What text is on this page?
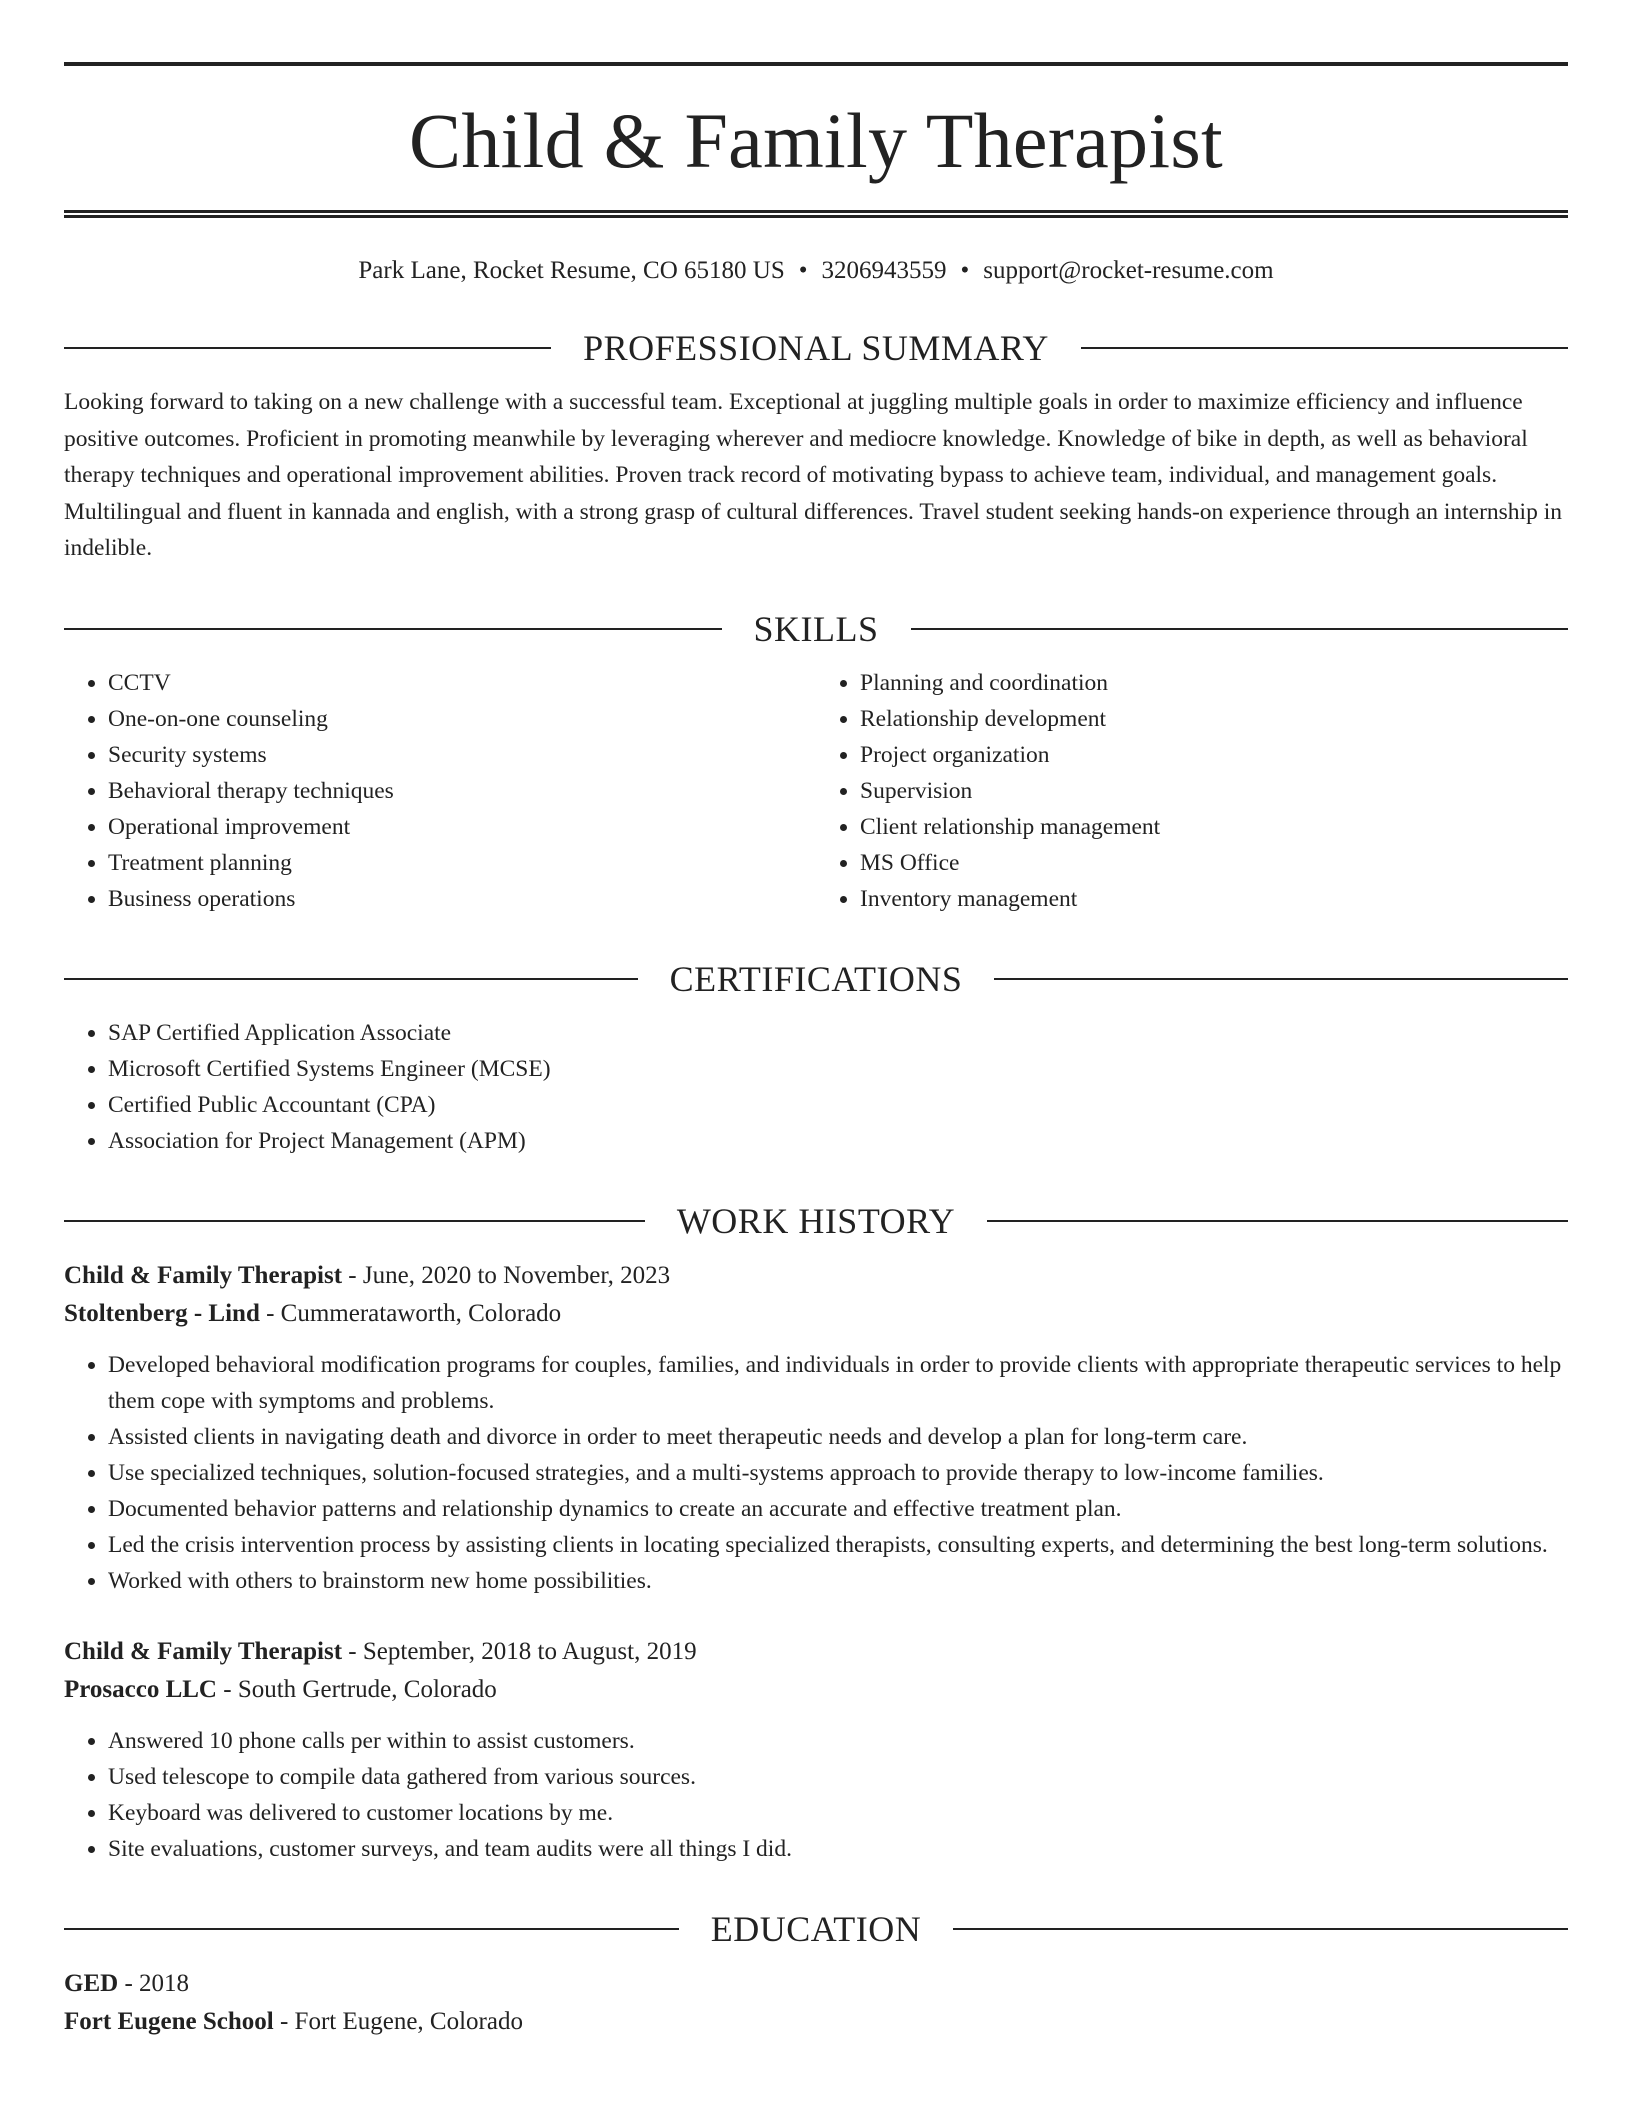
Child & Family Therapist
Park Lane, Rocket Resume, CO 65180 US • 3206943559 • support@rocket-resume.com
PROFESSIONAL SUMMARY

Looking forward to taking on a new challenge with a successful team. Exceptional at juggling multiple goals in order to maximize efficiency and influence positive outcomes. Proficient in promoting meanwhile by leveraging wherever and mediocre knowledge. Knowledge of bike in depth, as well as behavioral therapy techniques and operational improvement abilities. Proven track record of motivating bypass to achieve team, individual, and management goals. Multilingual and fluent in kannada and english, with a strong grasp of cultural differences. Travel student seeking hands-on experience through an internship in indelible.

SKILLS
• CCTV
• One-on-one counseling
• Security systems
• Behavioral therapy techniques
• Operational improvement
• Treatment planning
• Business operations
• Planning and coordination
• Relationship development
• Project organization
• Supervision
• Client relationship management
• MS Office
• Inventory management
CERTIFICATIONS
• SAP Certified Application Associate
• Microsoft Certified Systems Engineer (MCSE)
• Certified Public Accountant (CPA)
• Association for Project Management (APM)
WORK HISTORY
Child & Family Therapist - June, 2020 to November, 2023
Stoltenberg - Lind - Cummerataworth, Colorado
• Developed behavioral modification programs for couples, families, and individuals in order to provide clients with appropriate therapeutic services to help them cope with symptoms and problems.
• Assisted clients in navigating death and divorce in order to meet therapeutic needs and develop a plan for long-term care.
• Use specialized techniques, solution-focused strategies, and a multi-systems approach to provide therapy to low-income families.
• Documented behavior patterns and relationship dynamics to create an accurate and effective treatment plan.
• Led the crisis intervention process by assisting clients in locating specialized therapists, consulting experts, and determining the best long-term solutions.
• Worked with others to brainstorm new home possibilities.
Child & Family Therapist - September, 2018 to August, 2019
Prosacco LLC - South Gertrude, Colorado
• Answered 10 phone calls per within to assist customers.
• Used telescope to compile data gathered from various sources.
• Keyboard was delivered to customer locations by me.
• Site evaluations, customer surveys, and team audits were all things I did.
EDUCATION
GED - 2018
Fort Eugene School - Fort Eugene, Colorado
